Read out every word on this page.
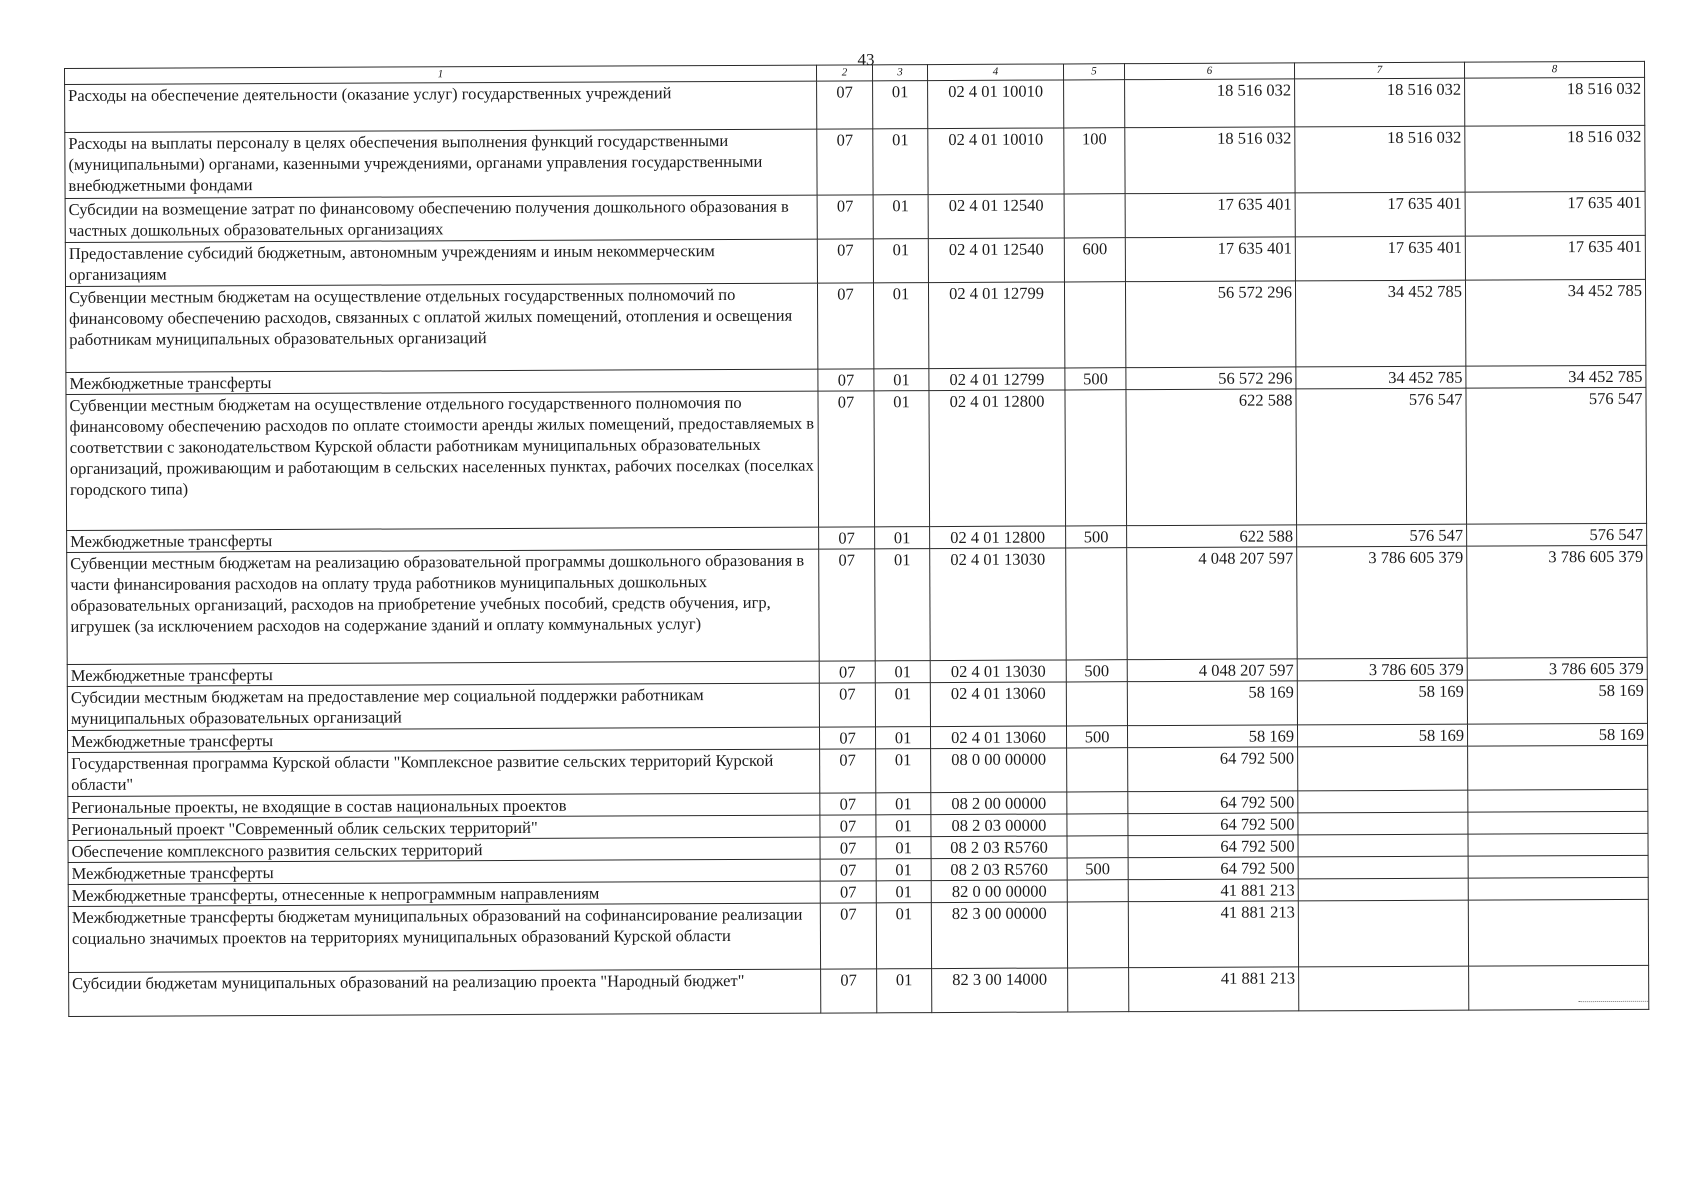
43
1	2	3	4	5	6	7	8
Расходы на обеспечение деятельности (оказание услуг) государственных учреждений	07	01	02 4 01 10010		18 516 032	18 516 032	18 516 032
Расходы на выплаты персоналу в целях обеспечения выполнения функций государственными (муниципальными) органами, казенными учреждениями, органами управления государственными внебюджетными фондами	07	01	02 4 01 10010	100	18 516 032	18 516 032	18 516 032
Субсидии на возмещение затрат по финансовому обеспечению получения дошкольного образования в частных дошкольных образовательных организациях	07	01	02 4 01 12540		17 635 401	17 635 401	17 635 401
Предоставление субсидий бюджетным, автономным учреждениям и иным некоммерческим организациям	07	01	02 4 01 12540	600	17 635 401	17 635 401	17 635 401
Субвенции местным бюджетам на осуществление отдельных государственных полномочий по финансовому обеспечению расходов, связанных с оплатой жилых помещений, отопления и освещения работникам муниципальных образовательных организаций	07	01	02 4 01 12799		56 572 296	34 452 785	34 452 785
Межбюджетные трансферты	07	01	02 4 01 12799	500	56 572 296	34 452 785	34 452 785
Субвенции местным бюджетам на осуществление отдельного государственного полномочия по финансовому обеспечению расходов по оплате стоимости аренды жилых помещений, предоставляемых в соответствии с законодательством Курской области работникам муниципальных образовательных организаций, проживающим и работающим в сельских населенных пунктах, рабочих поселках (поселках городского типа)	07	01	02 4 01 12800		622 588	576 547	576 547
Межбюджетные трансферты	07	01	02 4 01 12800	500	622 588	576 547	576 547
Субвенции местным бюджетам на реализацию образовательной программы дошкольного образования в части финансирования расходов на оплату труда работников муниципальных дошкольных образовательных организаций, расходов на приобретение учебных пособий, средств обучения, игр, игрушек (за исключением расходов на содержание зданий и оплату коммунальных услуг)	07	01	02 4 01 13030		4 048 207 597	3 786 605 379	3 786 605 379
Межбюджетные трансферты	07	01	02 4 01 13030	500	4 048 207 597	3 786 605 379	3 786 605 379
Субсидии местным бюджетам на предоставление мер социальной поддержки работникам муниципальных образовательных организаций	07	01	02 4 01 13060		58 169	58 169	58 169
Межбюджетные трансферты	07	01	02 4 01 13060	500	58 169	58 169	58 169
Государственная программа Курской области "Комплексное развитие сельских территорий Курской области"	07	01	08 0 00 00000		64 792 500		
Региональные проекты, не входящие в состав национальных проектов	07	01	08 2 00 00000		64 792 500		
Региональный проект "Современный облик сельских территорий"	07	01	08 2 03 00000		64 792 500		
Обеспечение комплексного развития сельских территорий	07	01	08 2 03 R5760		64 792 500		
Межбюджетные трансферты	07	01	08 2 03 R5760	500	64 792 500		
Межбюджетные трансферты, отнесенные к непрограммным направлениям	07	01	82 0 00 00000		41 881 213		
Межбюджетные трансферты бюджетам муниципальных образований на софинансирование реализации социально значимых проектов на территориях муниципальных образований Курской области	07	01	82 3 00 00000		41 881 213		
Субсидии бюджетам муниципальных образований на реализацию проекта "Народный бюджет"	07	01	82 3 00 14000		41 881 213		
